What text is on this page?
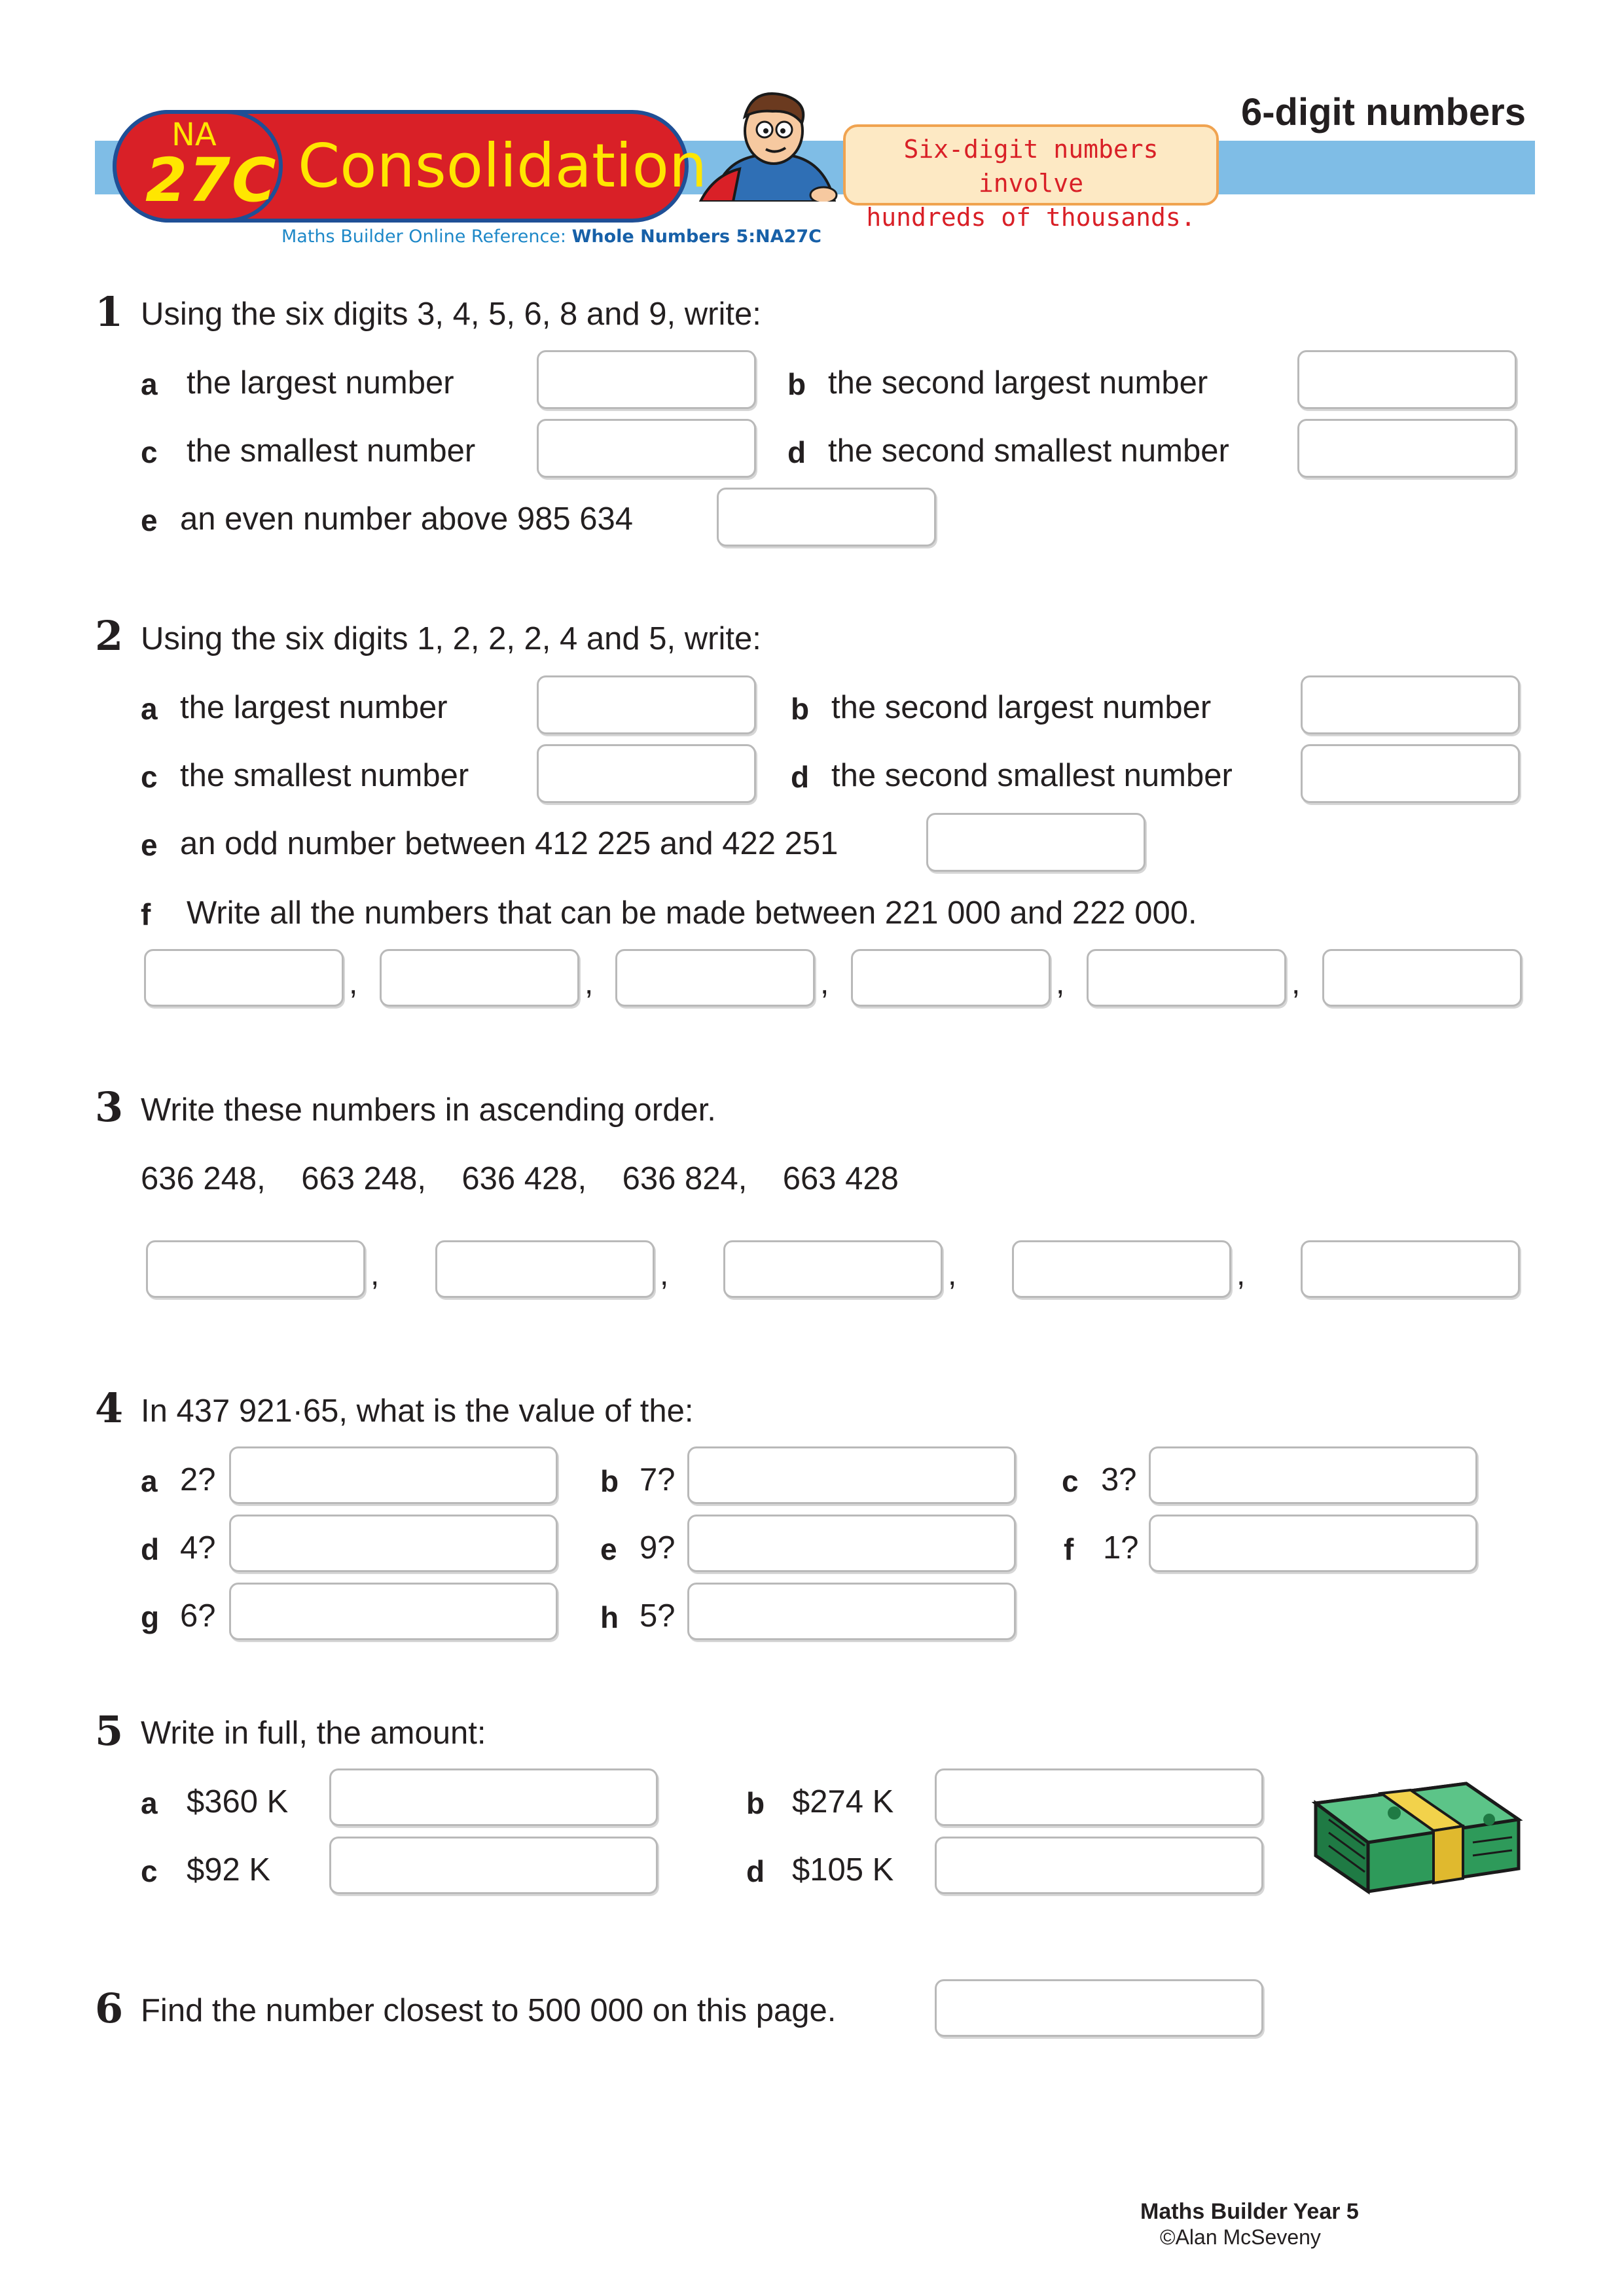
NA
27C Consolidation
Maths Builder Online Reference: Whole Numbers 5:NA27C
6-digit numbers
Six-digit numbers involve
hundreds of thousands.
1 Using the six digits 3, 4, 5, 6, 8 and 9, write:
a the largest number	b the second largest number
c the smallest number	d the second smallest number
e an even number above 985 634
2 Using the six digits 1, 2, 2, 2, 4 and 5, write:
a the largest number	b the second largest number
c the smallest number	d the second smallest number
e an odd number between 412 225 and 422 251
f Write all the numbers that can be made between 221 000 and 222 000.
,	,	,	,	,
3 Write these numbers in ascending order.
636 248,    663 248,    636 428,    636 824,    663 428
,	,	,	,
4 In 437 921·65, what is the value of the:
a 2?	b 7?	c 3?
d 4?	e 9?	f 1?
g 6?	h 5?
5 Write in full, the amount:
a $360 K	b $274 K
c $92 K	d $105 K
6 Find the number closest to 500 000 on this page.
Maths Builder Year 5
©Alan McSeveny
